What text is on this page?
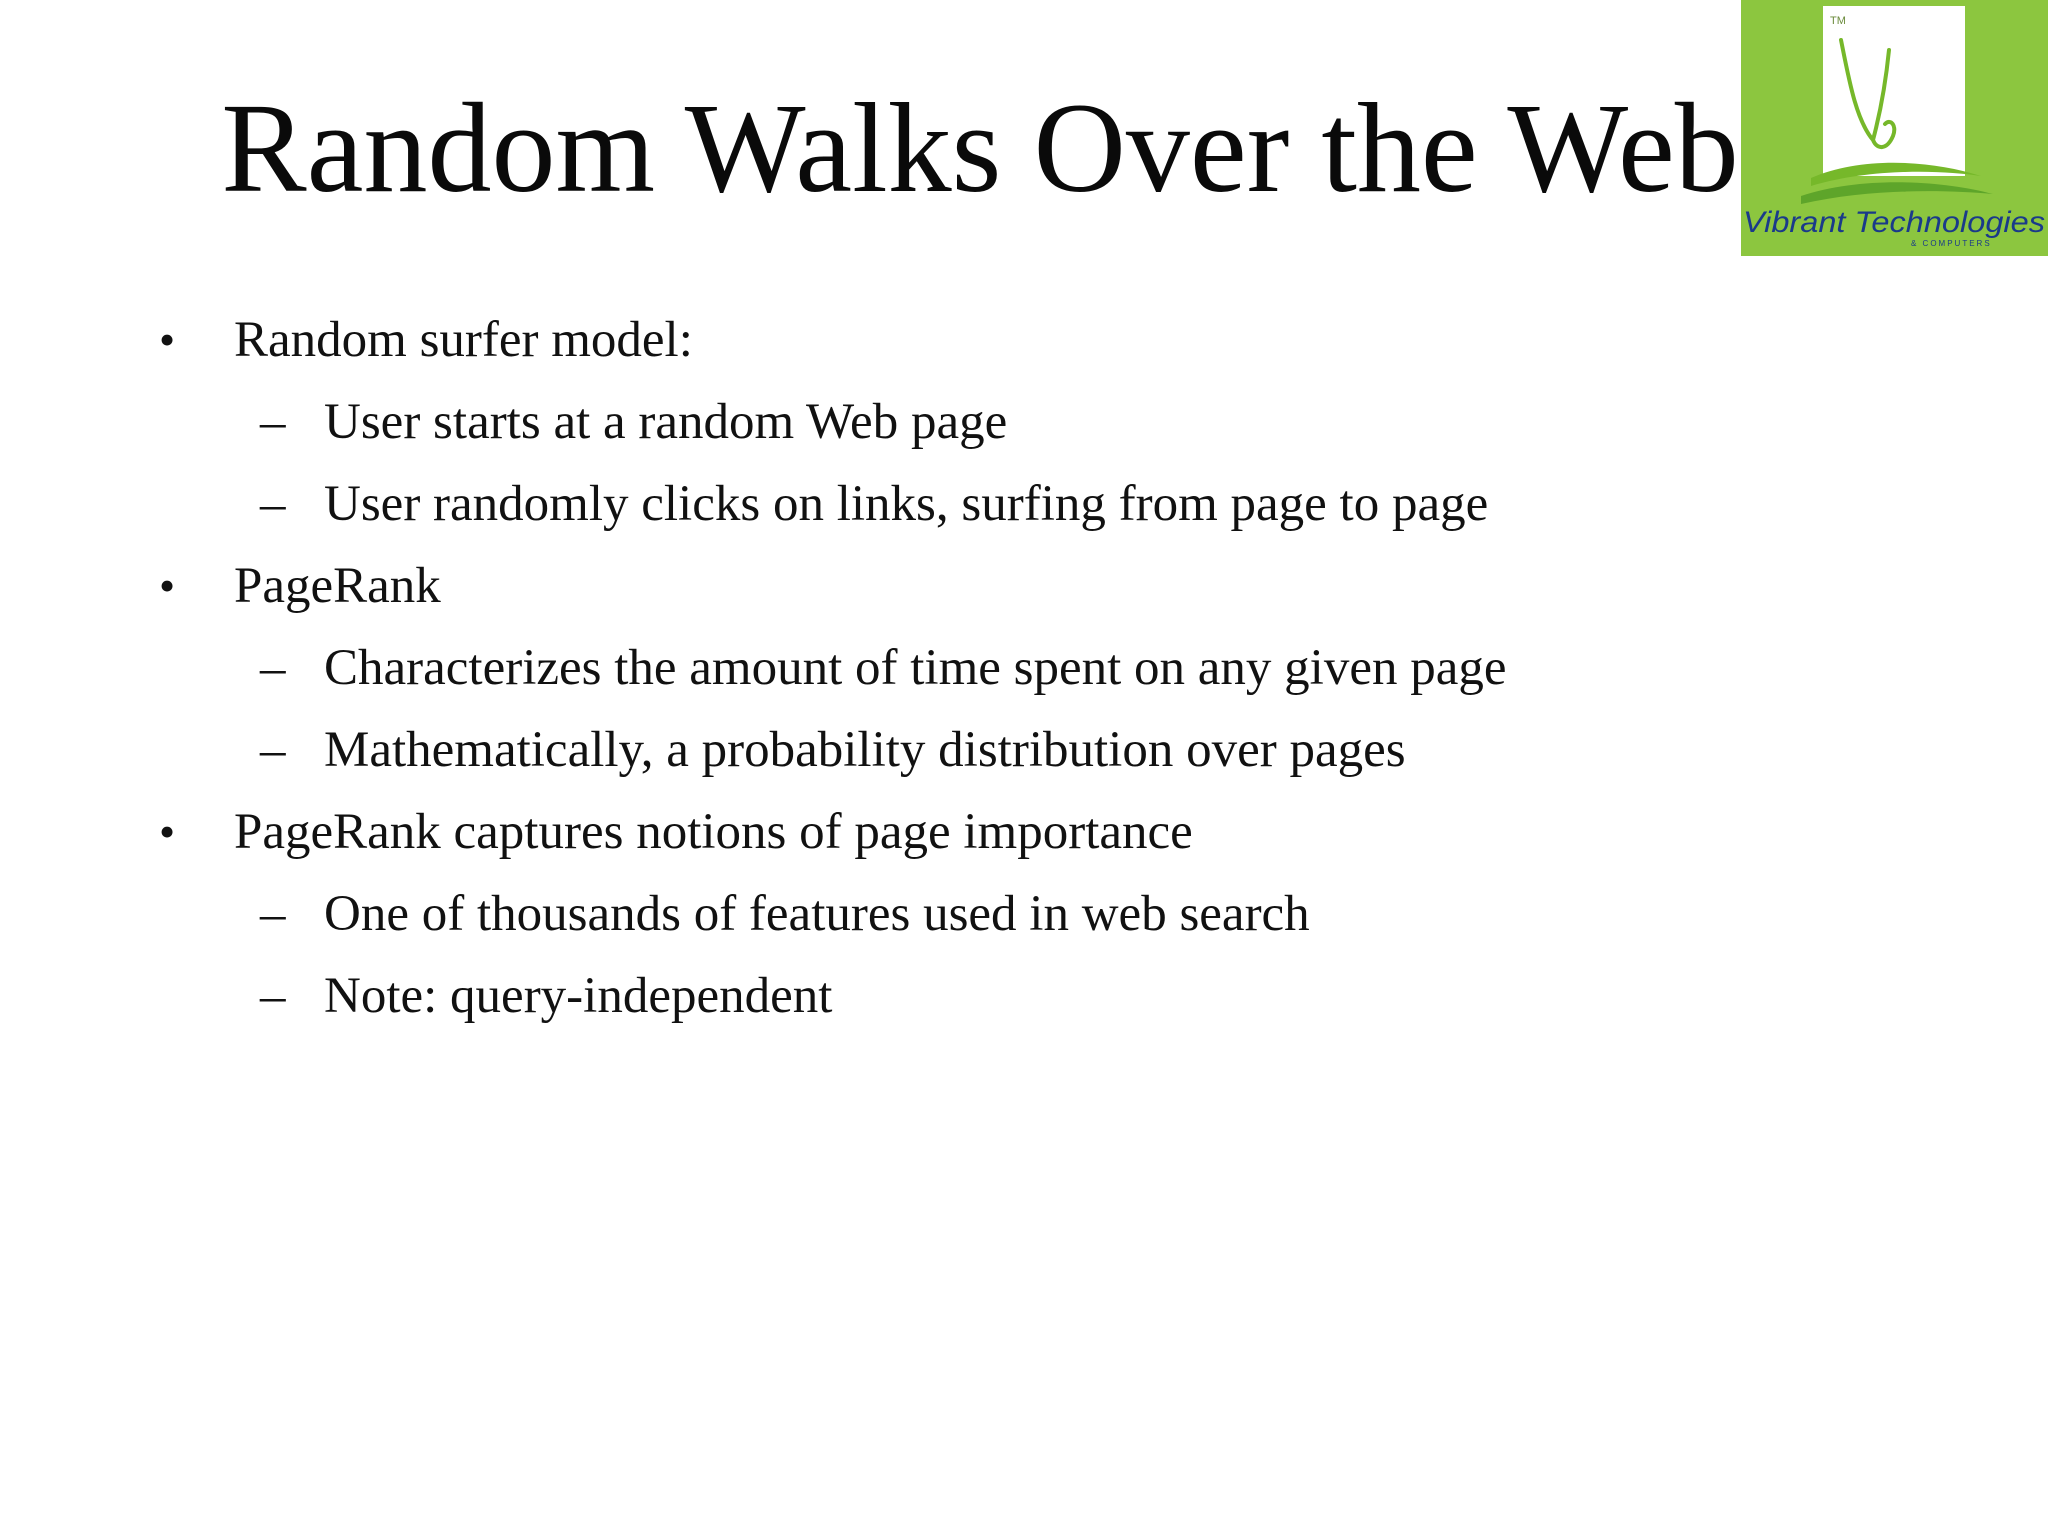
Random Walks Over the Web
TM
Vibrant Technologies
& COMPUTERS
• Random surfer model:
– User starts at a random Web page
– User randomly clicks on links, surfing from page to page
• PageRank
– Characterizes the amount of time spent on any given page
– Mathematically, a probability distribution over pages
• PageRank captures notions of page importance
– One of thousands of features used in web search
– Note: query-independent
